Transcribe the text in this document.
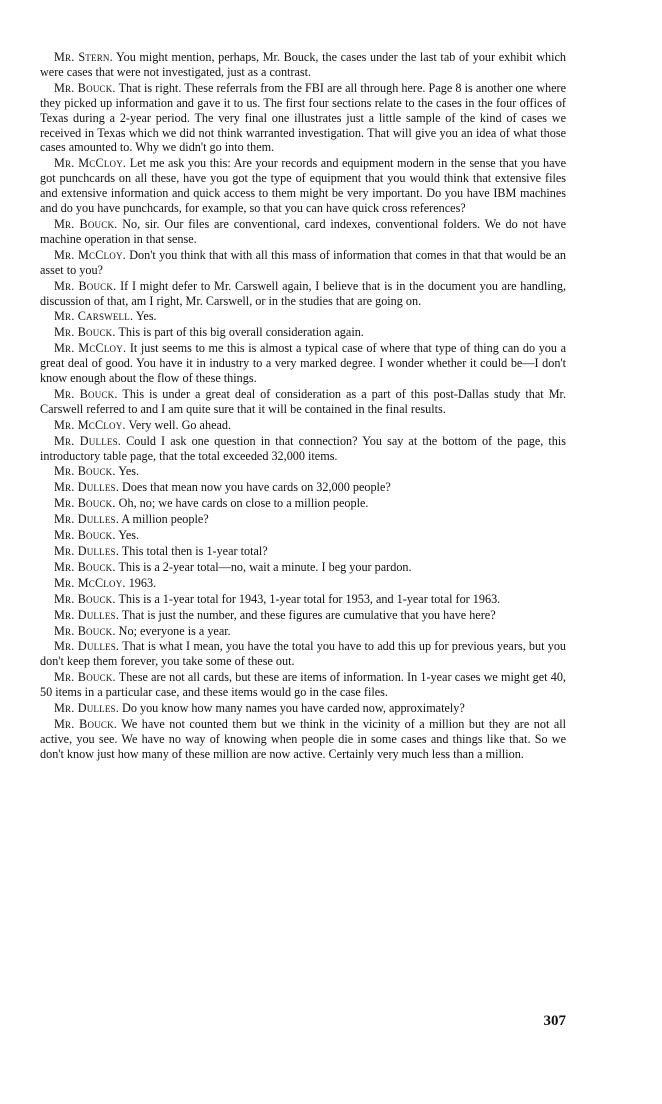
Mr. Stern. You might mention, perhaps, Mr. Bouck, the cases under the last tab of your exhibit which were cases that were not investigated, just as a contrast.

Mr. Bouck. That is right. These referrals from the FBI are all through here. Page 8 is another one where they picked up information and gave it to us. The first four sections relate to the cases in the four offices of Texas during a 2-year period. The very final one illustrates just a little sample of the kind of cases we received in Texas which we did not think warranted investigation. That will give you an idea of what those cases amounted to. Why we didn't go into them.

Mr. McCloy. Let me ask you this: Are your records and equipment modern in the sense that you have got punchcards on all these, have you got the type of equipment that you would think that extensive files and extensive information and quick access to them might be very important. Do you have IBM machines and do you have punchcards, for example, so that you can have quick cross references?

Mr. Bouck. No, sir. Our files are conventional, card indexes, conventional folders. We do not have machine operation in that sense.

Mr. McCloy. Don't you think that with all this mass of information that comes in that that would be an asset to you?

Mr. Bouck. If I might defer to Mr. Carswell again, I believe that is in the document you are handling, discussion of that, am I right, Mr. Carswell, or in the studies that are going on.

Mr. Carswell. Yes.

Mr. Bouck. This is part of this big overall consideration again.

Mr. McCloy. It just seems to me this is almost a typical case of where that type of thing can do you a great deal of good. You have it in industry to a very marked degree. I wonder whether it could be—I don't know enough about the flow of these things.

Mr. Bouck. This is under a great deal of consideration as a part of this post-Dallas study that Mr. Carswell referred to and I am quite sure that it will be contained in the final results.

Mr. McCloy. Very well. Go ahead.

Mr. Dulles. Could I ask one question in that connection? You say at the bottom of the page, this introductory table page, that the total exceeded 32,000 items.

Mr. Bouck. Yes.

Mr. Dulles. Does that mean now you have cards on 32,000 people?

Mr. Bouck. Oh, no; we have cards on close to a million people.

Mr. Dulles. A million people?

Mr. Bouck. Yes.

Mr. Dulles. This total then is 1-year total?

Mr. Bouck. This is a 2-year total—no, wait a minute. I beg your pardon.

Mr. McCloy. 1963.

Mr. Bouck. This is a 1-year total for 1943, 1-year total for 1953, and 1-year total for 1963.

Mr. Dulles. That is just the number, and these figures are cumulative that you have here?

Mr. Bouck. No; everyone is a year.

Mr. Dulles. That is what I mean, you have the total you have to add this up for previous years, but you don't keep them forever, you take some of these out.

Mr. Bouck. These are not all cards, but these are items of information. In 1-year cases we might get 40, 50 items in a particular case, and these items would go in the case files.

Mr. Dulles. Do you know how many names you have carded now, approximately?

Mr. Bouck. We have not counted them but we think in the vicinity of a million but they are not all active, you see. We have no way of knowing when people die in some cases and things like that. So we don't know just how many of these million are now active. Certainly very much less than a million.

307
